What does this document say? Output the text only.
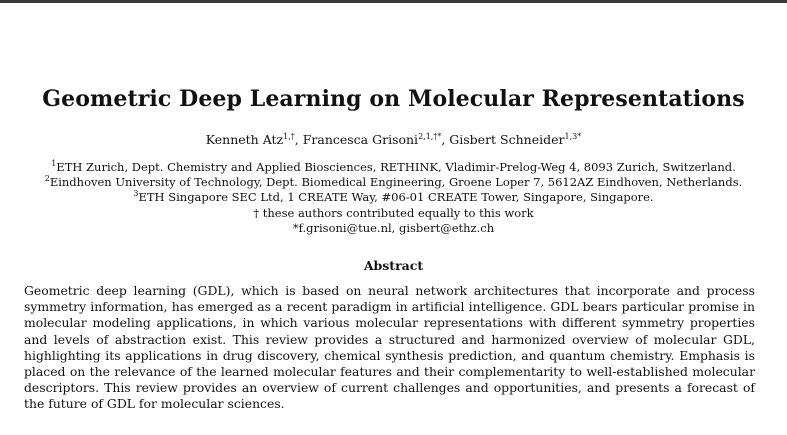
Geometric Deep Learning on Molecular Representations
Kenneth Atz$^{1,\dagger}$, Francesca Grisoni$^{2,1,\dagger*}$, Gisbert Schneider$^{1,3*}$
$^1$ETH Zurich, Dept. Chemistry and Applied Biosciences, RETHINK, Vladimir-Prelog-Weg 4, 8093 Zurich, Switzerland.
$^2$Eindhoven University of Technology, Dept. Biomedical Engineering, Groene Loper 7, 5612AZ Eindhoven, Netherlands.
$^3$ETH Singapore SEC Ltd, 1 CREATE Way, #06-01 CREATE Tower, Singapore, Singapore.
† these authors contributed equally to this work
*f.grisoni@tue.nl, gisbert@ethz.ch
Abstract
Geometric deep learning (GDL), which is based on neural network architectures that incorporate and process symmetry information, has emerged as a recent paradigm in artificial intelligence. GDL bears particular promise in molecular modeling applications, in which various molecular representations with different symmetry properties and levels of abstraction exist. This review provides a structured and harmonized overview of molecular GDL, highlighting its applications in drug discovery, chemical synthesis prediction, and quantum chemistry. Emphasis is placed on the relevance of the learned molecular features and their complementarity to well-established molecular descriptors. This review provides an overview of current challenges and opportunities, and presents a forecast of the future of GDL for molecular sciences.
